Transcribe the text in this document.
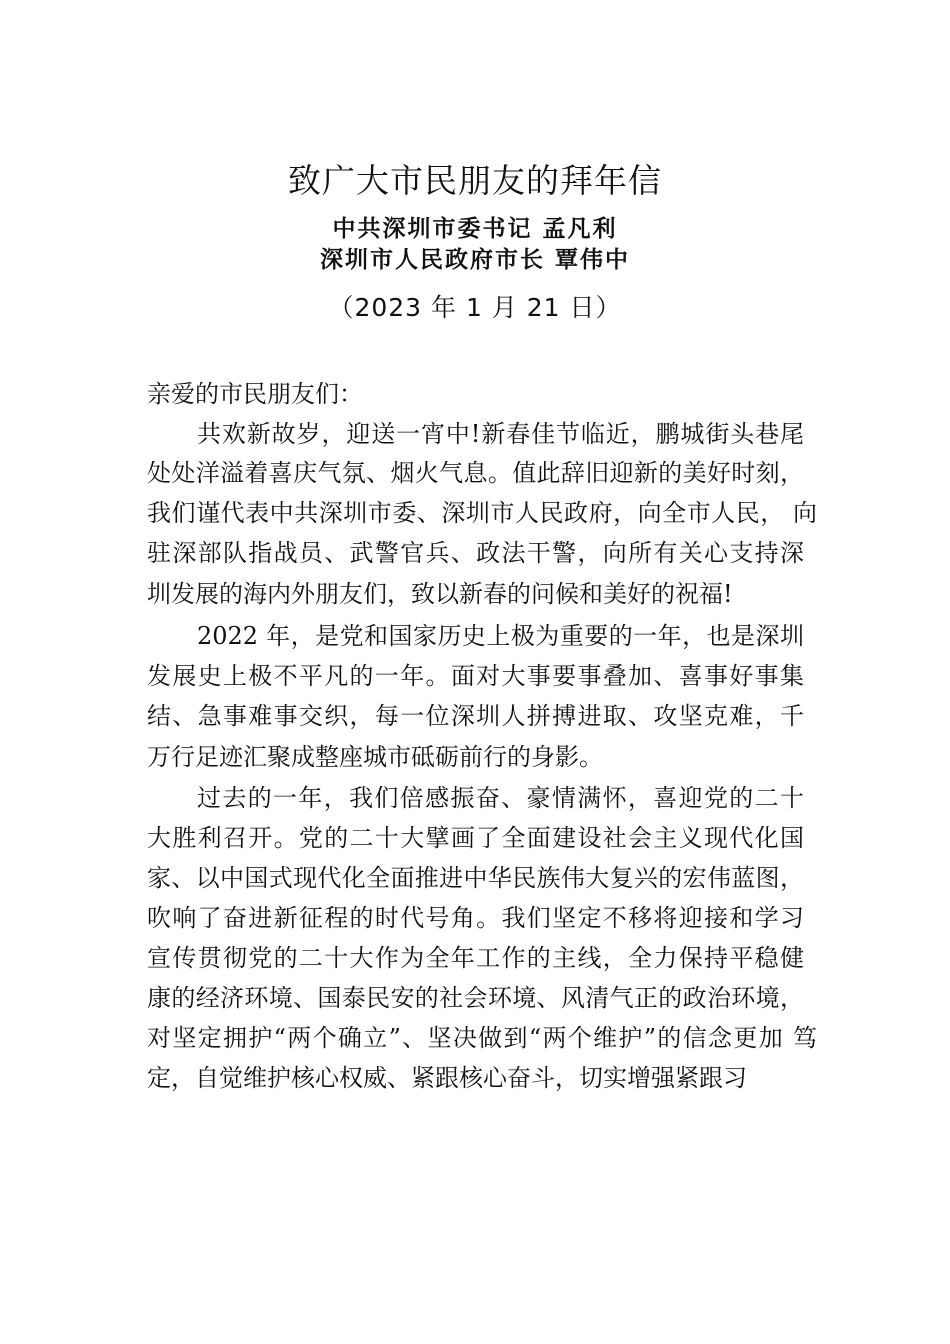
致广大市民朋友的拜年信
中共深圳市委书记 孟凡利
深圳市人民政府市长 覃伟中
（2023 年 1 月 21 日）
亲爱的市民朋友们：
共欢新故岁，迎送一宵中!新春佳节临近，鹏城街头巷尾
处处洋溢着喜庆气氛、烟火气息。值此辞旧迎新的美好时刻，
我们谨代表中共深圳市委、深圳市人民政府，向全市人民， 向
驻深部队指战员、武警官兵、政法干警，向所有关心支持深
圳发展的海内外朋友们，致以新春的问候和美好的祝福!
2022 年，是党和国家历史上极为重要的一年，也是深圳
发展史上极不平凡的一年。面对大事要事叠加、喜事好事集
结、急事难事交织，每一位深圳人拼搏进取、攻坚克难，千
万行足迹汇聚成整座城市砥砺前行的身影。
过去的一年，我们倍感振奋、豪情满怀，喜迎党的二十
大胜利召开。党的二十大擘画了全面建设社会主义现代化国
家、以中国式现代化全面推进中华民族伟大复兴的宏伟蓝图，
吹响了奋进新征程的时代号角。我们坚定不移将迎接和学习
宣传贯彻党的二十大作为全年工作的主线，全力保持平稳健
康的经济环境、国泰民安的社会环境、风清气正的政治环境，
对坚定拥护“两个确立”、坚决做到“两个维护”的信念更加 笃
定，自觉维护核心权威、紧跟核心奋斗，切实增强紧跟习
